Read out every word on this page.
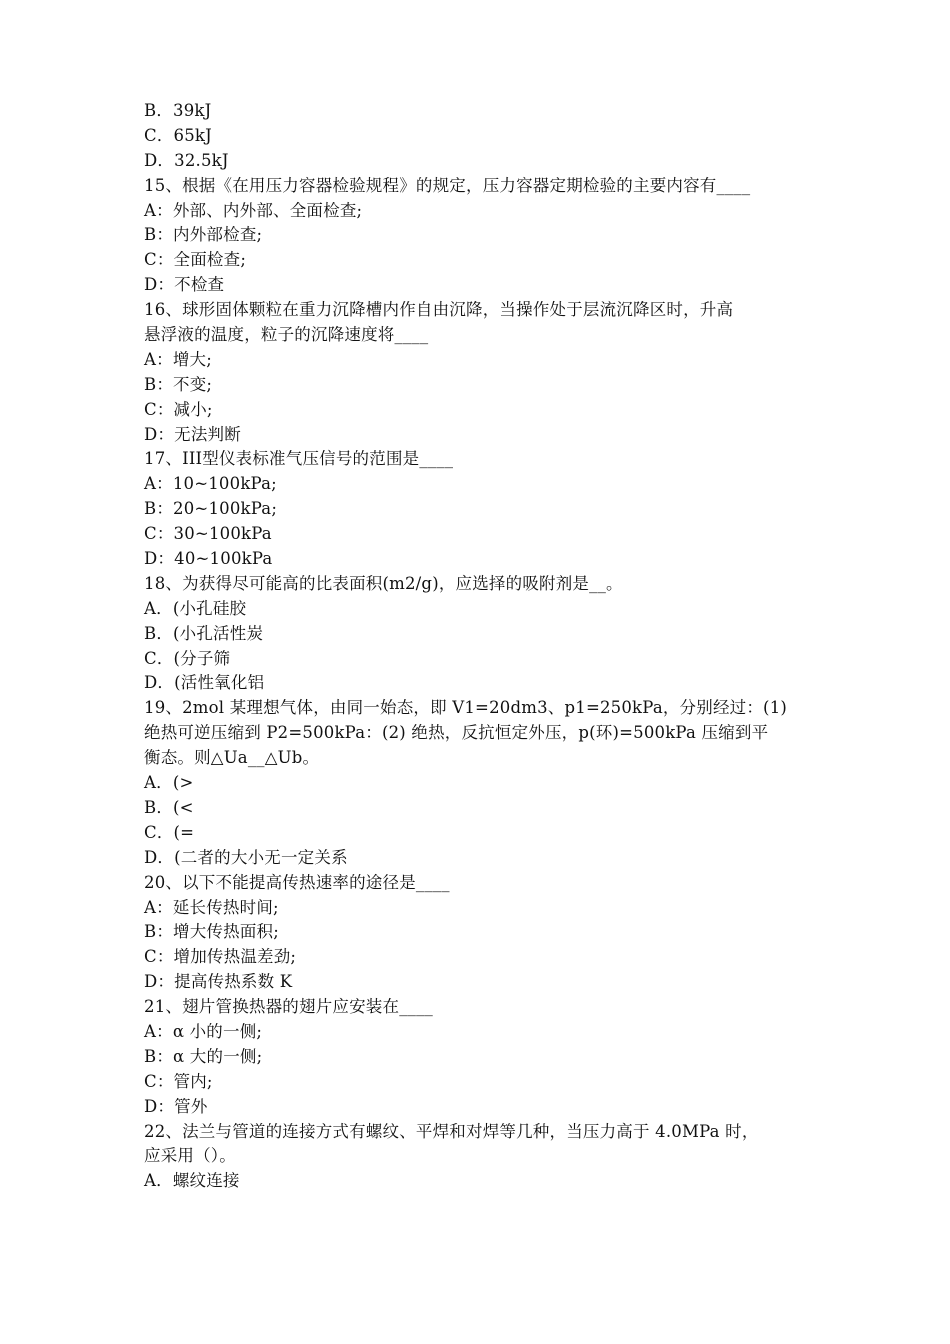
B．39kJ
C．65kJ
D．32.5kJ
15、根据《在用压力容器检验规程》的规定，压力容器定期检验的主要内容有____
A：外部、内外部、全面检查;
B：内外部检查;
C：全面检查;
D：不检查
16、球形固体颗粒在重力沉降槽内作自由沉降，当操作处于层流沉降区时，升高
悬浮液的温度，粒子的沉降速度将____
A：增大;
B：不变;
C：减小;
D：无法判断
17、III型仪表标准气压信号的范围是____
A：10~100kPa;
B：20~100kPa;
C：30~100kPa
D：40~100kPa
18、为获得尽可能高的比表面积(m2/g)，应选择的吸附剂是__。
A．(小孔硅胶
B．(小孔活性炭
C．(分子筛
D．(活性氧化铝
19、2mol 某理想气体，由同一始态，即 V1=20dm3、p1=250kPa，分别经过：(1)
绝热可逆压缩到 P2=500kPa：(2) 绝热，反抗恒定外压，p(环)=500kPa 压缩到平
衡态。则△Ua__△Ub。
A．(>
B．(<
C．(=
D．(二者的大小无一定关系
20、以下不能提高传热速率的途径是____
A：延长传热时间;
B：增大传热面积;
C：增加传热温差劲;
D：提高传热系数 K
21、翅片管换热器的翅片应安装在____
A：α 小的一侧;
B：α 大的一侧;
C：管内;
D：管外
22、法兰与管道的连接方式有螺纹、平焊和对焊等几种，当压力高于 4.0MPa 时，
应采用（）。
A．螺纹连接
